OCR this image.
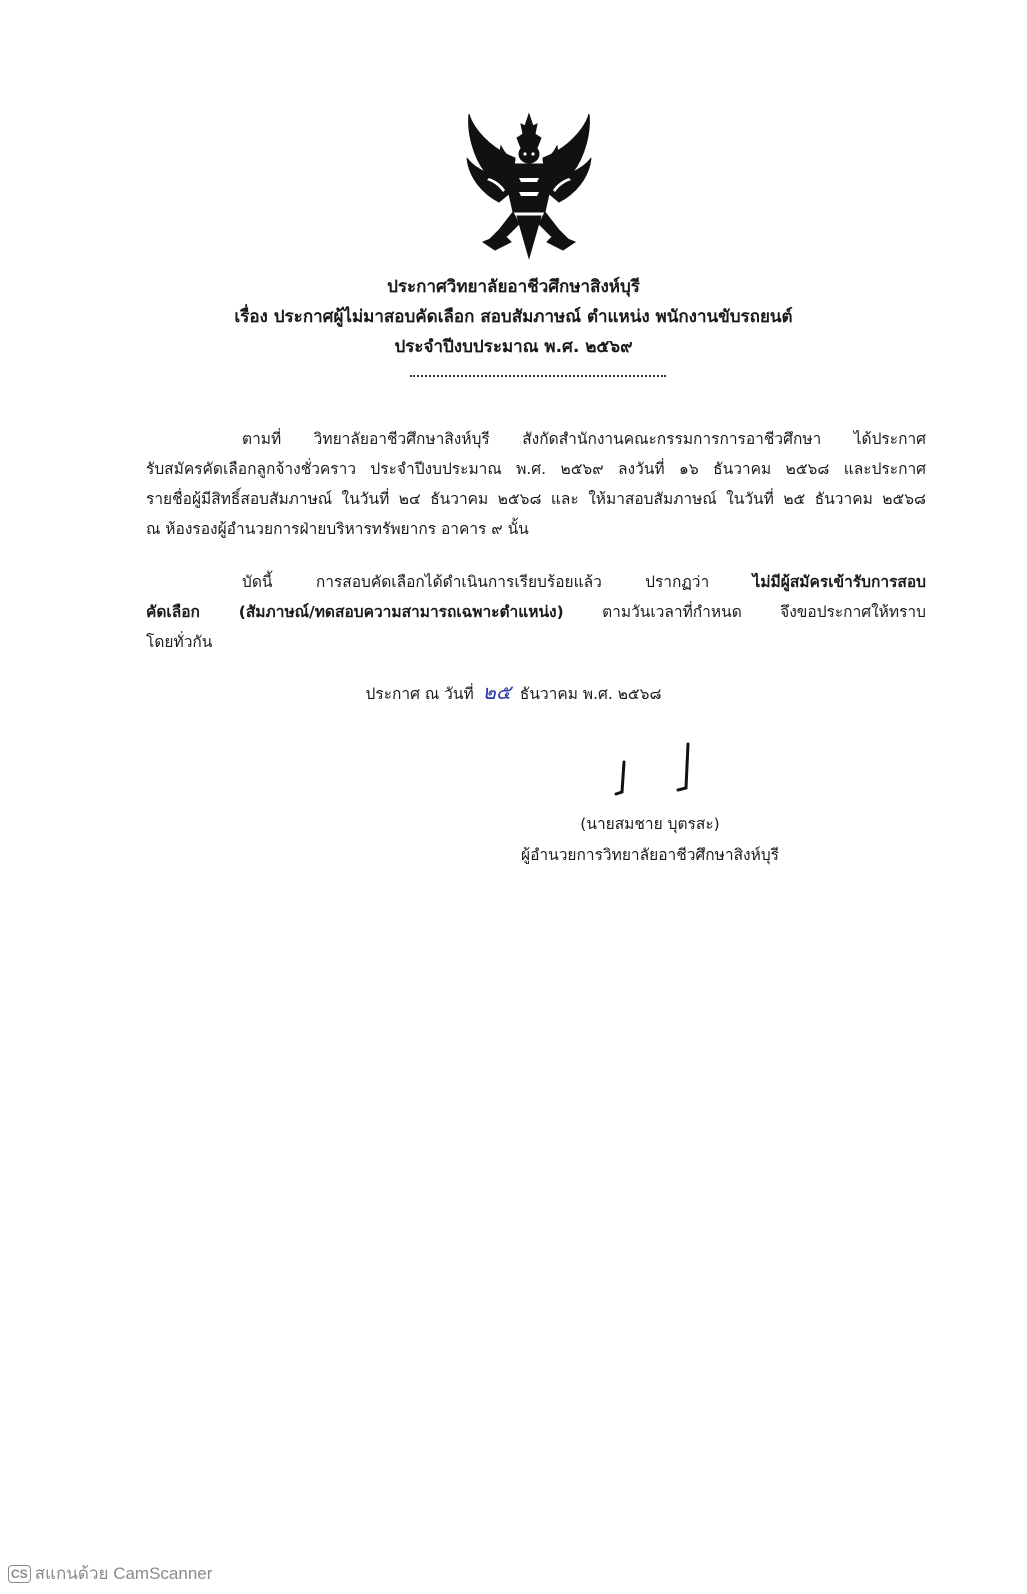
ประกาศวิทยาลัยอาชีวศึกษาสิงห์บุรี
เรื่อง ประกาศผู้ไม่มาสอบคัดเลือก สอบสัมภาษณ์ ตำแหน่ง พนักงานขับรถยนต์
ประจำปีงบประมาณ พ.ศ. ๒๕๖๙
ตามที่ วิทยาลัยอาชีวศึกษาสิงห์บุรี สังกัดสำนักงานคณะกรรมการการอาชีวศึกษา ได้ประกาศ
รับสมัครคัดเลือกลูกจ้างชั่วคราว ประจำปีงบประมาณ พ.ศ. ๒๕๖๙ ลงวันที่ ๑๖ ธันวาคม ๒๕๖๘ และประกาศ
รายชื่อผู้มีสิทธิ์สอบสัมภาษณ์ ในวันที่ ๒๔ ธันวาคม ๒๕๖๘ และ ให้มาสอบสัมภาษณ์ ในวันที่ ๒๕ ธันวาคม ๒๕๖๘
ณ ห้องรองผู้อำนวยการฝ่ายบริหารทรัพยากร อาคาร ๙ นั้น
บัดนี้ การสอบคัดเลือกได้ดำเนินการเรียบร้อยแล้ว ปรากฏว่า	ไม่มีผู้สมัครเข้ารับการสอบ
คัดเลือก (สัมภาษณ์/ทดสอบความสามารถเฉพาะตำแหน่ง) ตามวันเวลาที่กำหนด จึงขอประกาศให้ทราบ
โดยทั่วกัน
ประกาศ ณ วันที่ ๒๕ ธันวาคม พ.ศ. ๒๕๖๘
(นายสมชาย บุตรสะ)
ผู้อำนวยการวิทยาลัยอาชีวศึกษาสิงห์บุรี
CS สแกนด้วย CamScanner
